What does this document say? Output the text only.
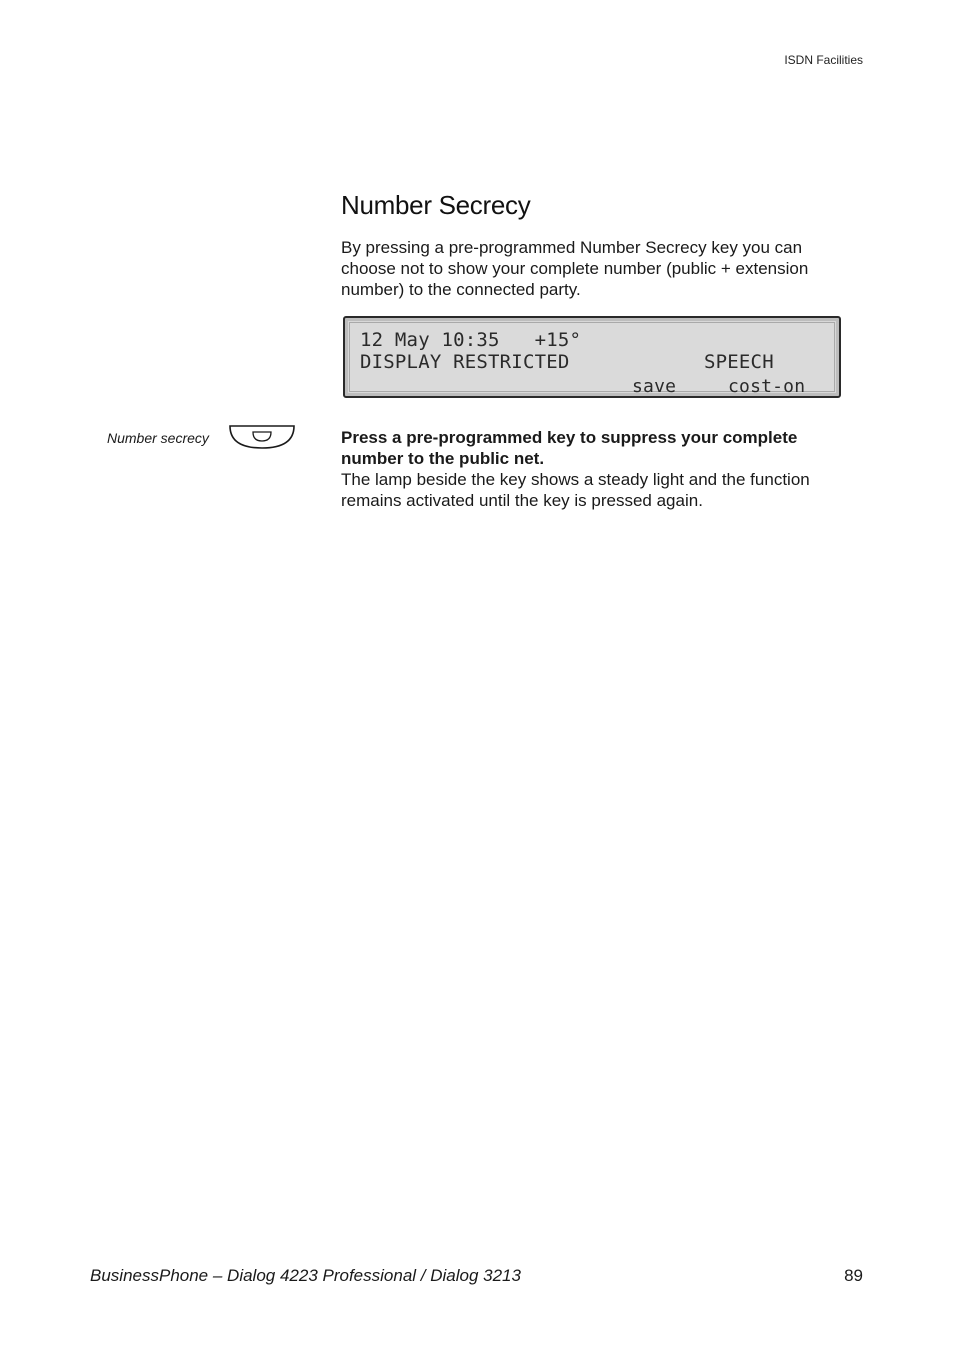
ISDN Facilities
Number Secrecy

By pressing a pre-programmed Number Secrecy key you can choose not to show your complete number (public + extension number) to the connected party.

12 May 10:35   +15°
DISPLAY RESTRICTED	SPEECH
save	cost-on
Number secrecy	Press a pre-programmed key to suppress your complete number to the public net.

The lamp beside the key shows a steady light and the function remains activated until the key is pressed again.

BusinessPhone – Dialog 4223 Professional / Dialog 3213	89
